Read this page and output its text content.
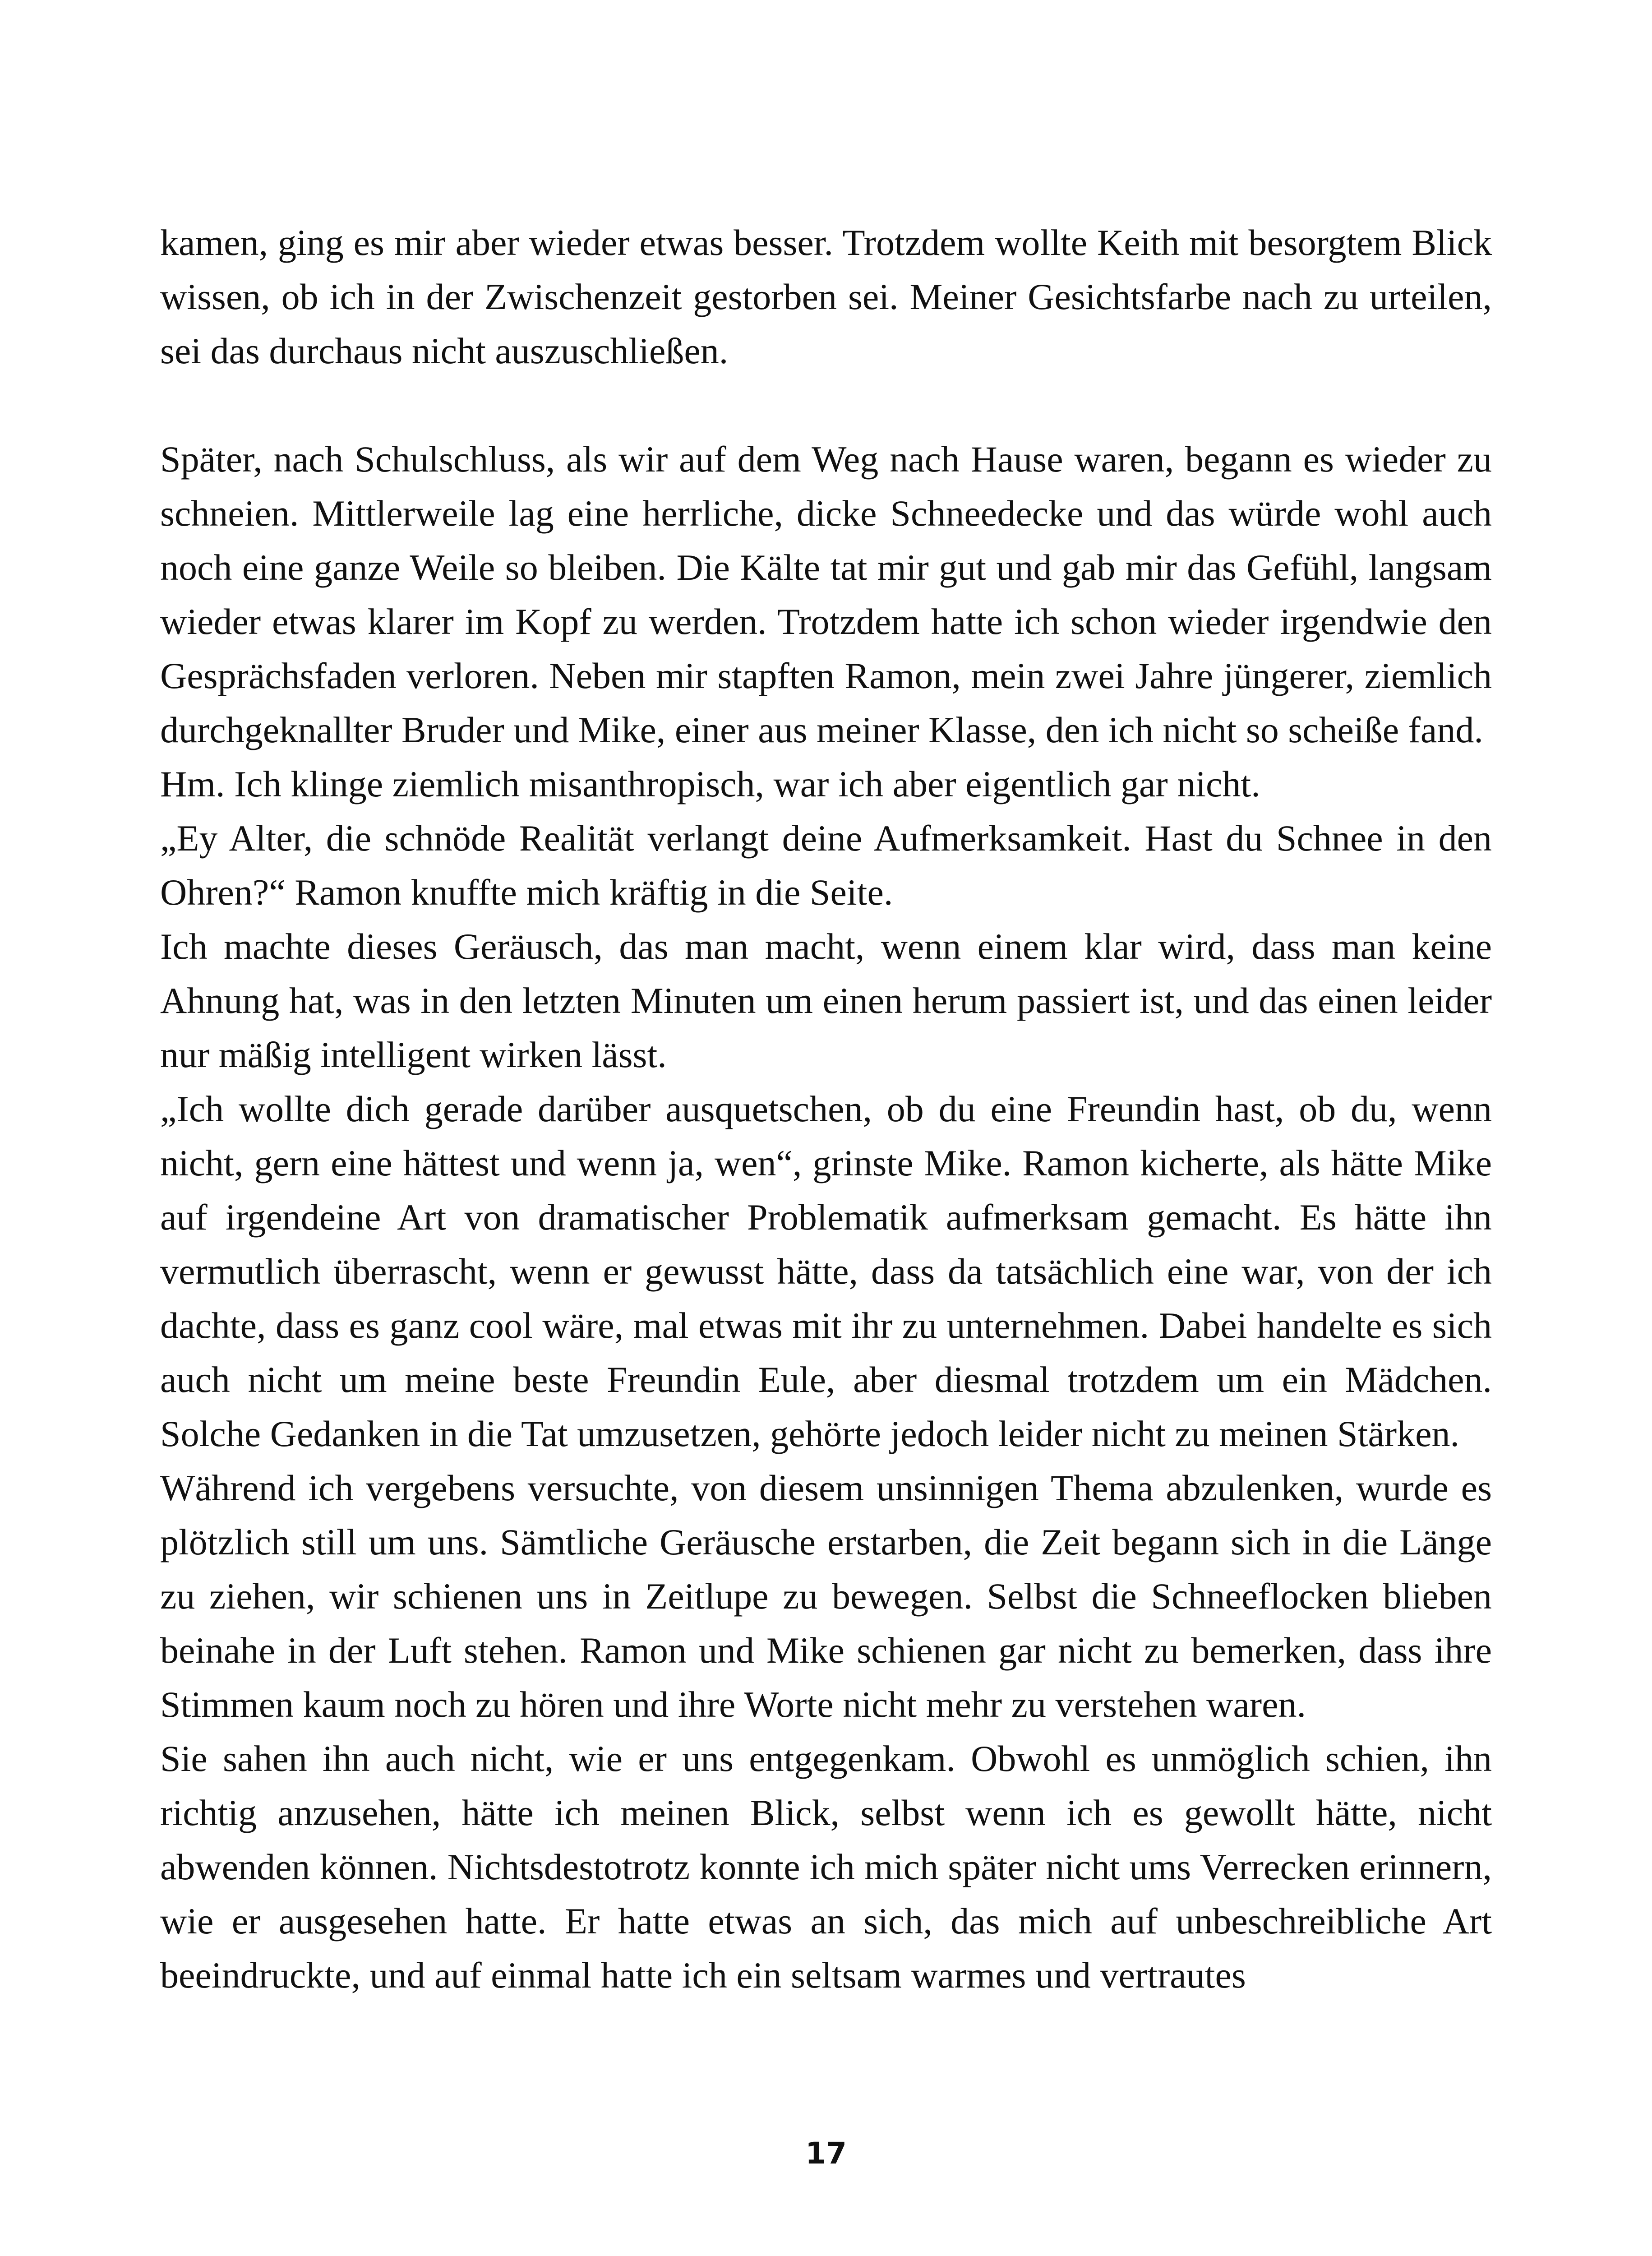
kamen, ging es mir aber wieder etwas besser. Trotzdem wollte Keith mit besorgtem Blick wissen, ob ich in der Zwischenzeit gestorben sei. Meiner Gesichtsfarbe nach zu urteilen, sei das durchaus nicht auszuschließen.

Später, nach Schulschluss, als wir auf dem Weg nach Hause waren, begann es wieder zu schneien. Mittlerweile lag eine herrliche, dicke Schneedecke und das würde wohl auch noch eine ganze Weile so bleiben. Die Kälte tat mir gut und gab mir das Gefühl, langsam wieder etwas klarer im Kopf zu werden. Trotzdem hatte ich schon wieder irgendwie den Gesprächsfaden verloren. Neben mir stapften Ramon, mein zwei Jahre jüngerer, ziemlich durchgeknallter Bruder und Mike, einer aus meiner Klasse, den ich nicht so scheiße fand.

Hm. Ich klinge ziemlich misanthropisch, war ich aber eigentlich gar nicht.

„Ey Alter, die schnöde Realität verlangt deine Aufmerksamkeit. Hast du Schnee in den Ohren?“ Ramon knuffte mich kräftig in die Seite.

Ich machte dieses Geräusch, das man macht, wenn einem klar wird, dass man keine Ahnung hat, was in den letzten Minuten um einen herum passiert ist, und das einen leider nur mäßig intelligent wirken lässt.

„Ich wollte dich gerade darüber ausquetschen, ob du eine Freundin hast, ob du, wenn nicht, gern eine hättest und wenn ja, wen“, grinste Mike. Ramon kicherte, als hätte Mike auf irgendeine Art von dramatischer Problematik aufmerksam gemacht. Es hätte ihn vermutlich überrascht, wenn er gewusst hätte, dass da tatsächlich eine war, von der ich dachte, dass es ganz cool wäre, mal etwas mit ihr zu unternehmen. Dabei handelte es sich auch nicht um meine beste Freundin Eule, aber diesmal trotzdem um ein Mädchen. Solche Gedanken in die Tat umzusetzen, gehörte jedoch leider nicht zu meinen Stärken.

Während ich vergebens versuchte, von diesem unsinnigen Thema abzulenken, wurde es plötzlich still um uns. Sämtliche Geräusche erstarben, die Zeit begann sich in die Länge zu ziehen, wir schienen uns in Zeitlupe zu bewegen. Selbst die Schneeflocken blieben beinahe in der Luft stehen. Ramon und Mike schienen gar nicht zu bemerken, dass ihre Stimmen kaum noch zu hören und ihre Worte nicht mehr zu verstehen waren.

Sie sahen ihn auch nicht, wie er uns entgegenkam. Obwohl es unmöglich schien, ihn richtig anzusehen, hätte ich meinen Blick, selbst wenn ich es gewollt hätte, nicht abwenden können. Nichtsdestotrotz konnte ich mich später nicht ums Verrecken erinnern, wie er ausgesehen hatte. Er hatte etwas an sich, das mich auf unbeschreibliche Art beeindruckte, und auf einmal hatte ich ein seltsam warmes und vertrautes

17
